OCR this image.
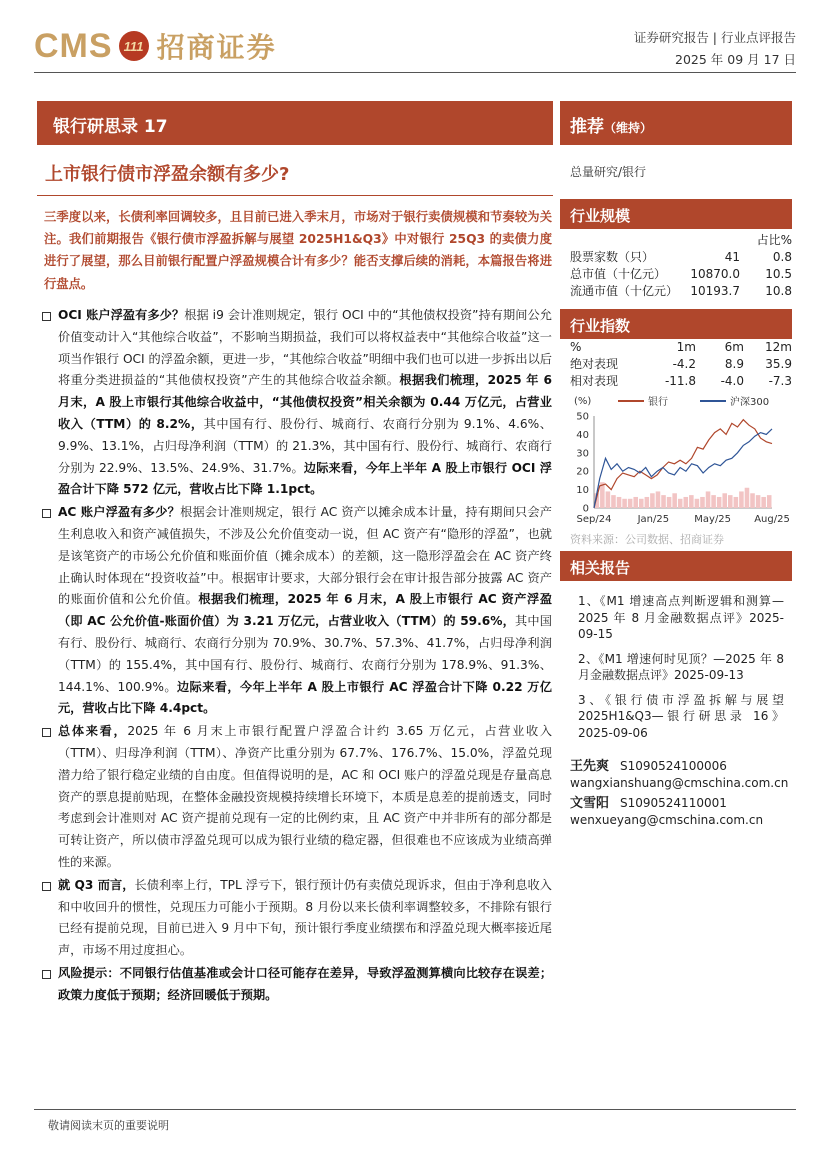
CMS 111 招商证券	证券研究报告 | 行业点评报告
2025 年 09 月 17 日
银行研思录 17	推荐（维持）
上市银行债市浮盈余额有多少?
三季度以来，长债利率回调较多，且目前已进入季末月，市场对于银行卖债规模和节奏较为关注。我们前期报告《银行债市浮盈拆解与展望 2025H1&Q3》中对银行 25Q3 的卖债力度进行了展望，那么目前银行配置户浮盈规模合计有多少？能否支撑后续的消耗，本篇报告将进行盘点。
OCI 账户浮盈有多少？根据 i9 会计准则规定，银行 OCI 中的“其他债权投资”持有期间公允价值变动计入“其他综合收益”，不影响当期损益，我们可以将权益表中“其他综合收益”这一项当作银行 OCI 的浮盈余额，更进一步，“其他综合收益”明细中我们也可以进一步拆出以后将重分类进损益的“其他债权投资”产生的其他综合收益余额。根据我们梳理，2025 年 6 月末，A 股上市银行其他综合收益中，“其他债权投资”相关余额为 0.44 万亿元，占营业收入（TTM）的 8.2%，其中国有行、股份行、城商行、农商行分别为 9.1%、4.6%、9.9%、13.1%，占归母净利润（TTM）的 21.3%，其中国有行、股份行、城商行、农商行分别为 22.9%、13.5%、24.9%、31.7%。边际来看，今年上半年 A 股上市银行 OCI 浮盈合计下降 572 亿元，营收占比下降 1.1pct。
AC 账户浮盈有多少？根据会计准则规定，银行 AC 资产以摊余成本计量，持有期间只会产生利息收入和资产减值损失，不涉及公允价值变动一说，但 AC 资产有“隐形的浮盈”，也就是该笔资产的市场公允价值和账面价值（摊余成本）的差额，这一隐形浮盈会在 AC 资产终止确认时体现在“投资收益”中。根据审计要求，大部分银行会在审计报告部分披露 AC 资产的账面价值和公允价值。根据我们梳理，2025 年 6 月末，A 股上市银行 AC 资产浮盈（即 AC 公允价值-账面价值）为 3.21 万亿元，占营业收入（TTM）的 59.6%，其中国有行、股份行、城商行、农商行分别为 70.9%、30.7%、57.3%、41.7%，占归母净利润（TTM）的 155.4%，其中国有行、股份行、城商行、农商行分别为 178.9%、91.3%、144.1%、100.9%。边际来看，今年上半年 A 股上市银行 AC 浮盈合计下降 0.22 万亿元，营收占比下降 4.4pct。
总体来看，2025 年 6 月末上市银行配置户浮盈合计约 3.65 万亿元，占营业收入（TTM）、归母净利润（TTM）、净资产比重分别为 67.7%、176.7%、15.0%，浮盈兑现潜力给了银行稳定业绩的自由度。但值得说明的是，AC 和 OCI 账户的浮盈兑现是存量高息资产的票息提前贴现，在整体金融投资规模持续增长环境下，本质是息差的提前透支，同时考虑到会计准则对 AC 资产提前兑现有一定的比例约束，且 AC 资产中并非所有的部分都是可转让资产，所以债市浮盈兑现可以成为银行业绩的稳定器，但很难也不应该成为业绩高弹性的来源。
就 Q3 而言，长债利率上行，TPL 浮亏下，银行预计仍有卖债兑现诉求，但由于净利息收入和中收回升的惯性，兑现压力可能小于预期。8 月份以来长债利率调整较多，不排除有银行已经有提前兑现，目前已进入 9 月中下旬，预计银行季度业绩摆布和浮盈兑现大概率接近尾声，市场不用过度担心。
风险提示：不同银行估值基准或会计口径可能存在差异，导致浮盈测算横向比较存在误差；政策力度低于预期；经济回暖低于预期。
总量研究/银行
行业规模
占比%
股票家数（只）	41	0.8
总市值（十亿元）	10870.0	10.5
流通市值（十亿元）	10193.7	10.8
行业指数
%	1m	6m	12m
绝对表现	-4.2	8.9	35.9
相对表现	-11.8	-4.0	-7.3
(%)	银行	沪深300
0
10
20
30
40
50
Sep/24	Jan/25	May/25 Aug/25
资料来源：公司数据、招商证券
相关报告
1、《M1 增速高点判断逻辑和测算—2025 年 8 月金融数据点评》2025-09-15
2、《M1 增速何时见顶？—2025 年 8 月金融数据点评》2025-09-13
3、《银行债市浮盈拆解与展望 2025H1&Q3—银行研思录 16》2025-09-06
王先爽 S1090524100006
wangxianshuang@cmschina.com.cn
文雪阳 S1090524110001
wenxueyang@cmschina.com.cn
敬请阅读末页的重要说明
